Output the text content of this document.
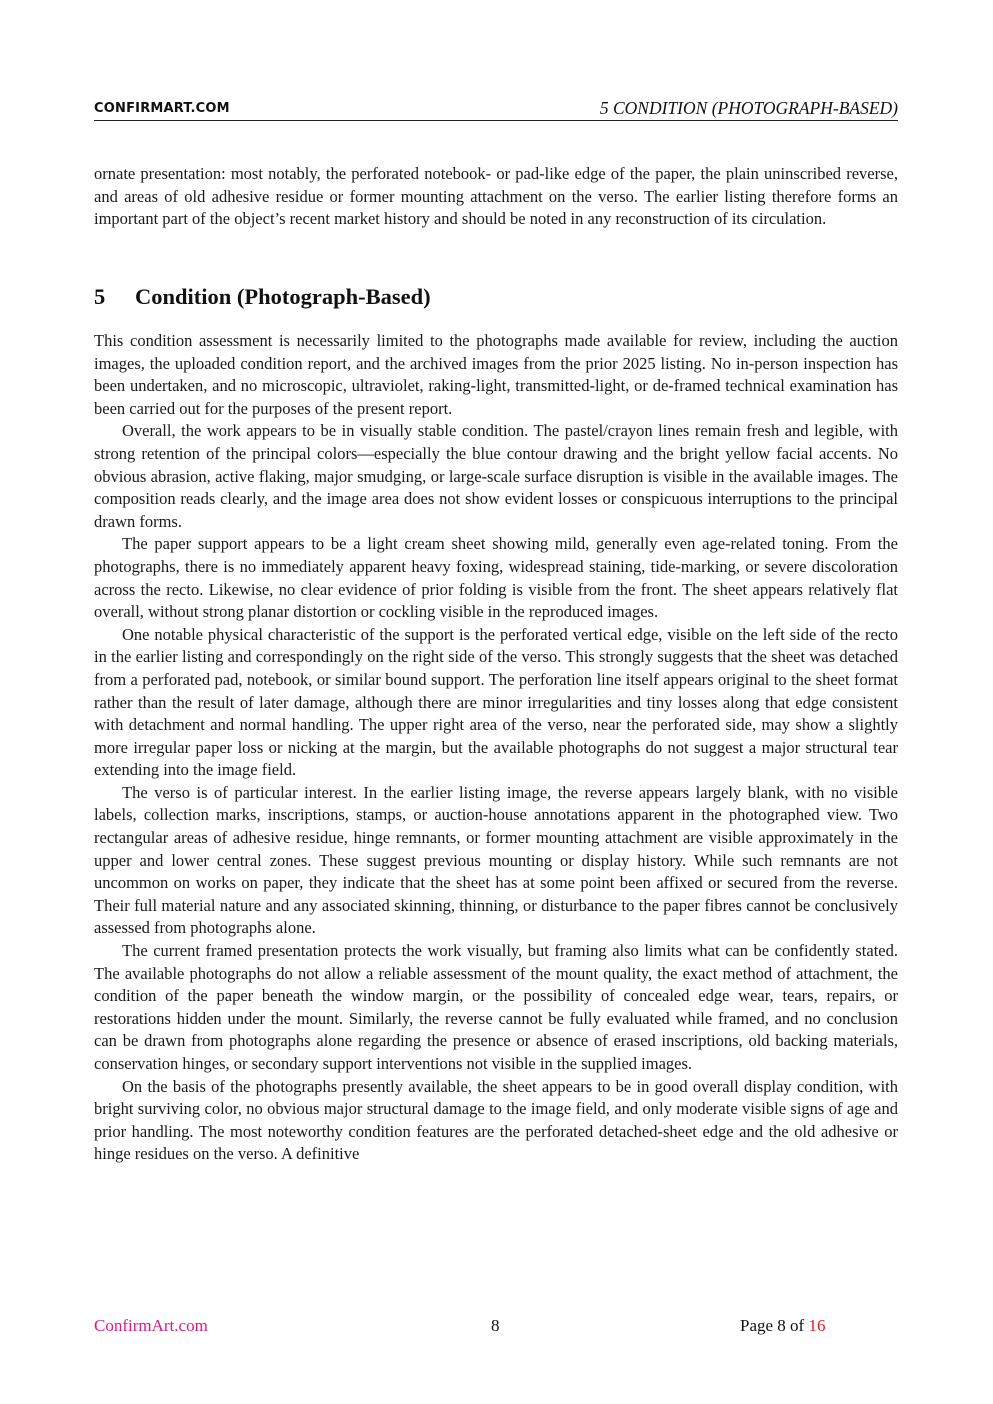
CONFIRMART.COM	5 CONDITION (PHOTOGRAPH-BASED)

ornate presentation: most notably, the perforated notebook- or pad-like edge of the paper, the plain uninscribed reverse, and areas of old adhesive residue or former mounting attachment on the verso. The earlier listing therefore forms an important part of the object’s recent market history and should be noted in any reconstruction of its circulation.

5 Condition (Photograph-Based)

This condition assessment is necessarily limited to the photographs made available for review, including the auction images, the uploaded condition report, and the archived images from the prior 2025 listing. No in-person inspection has been undertaken, and no microscopic, ultraviolet, raking-light, transmitted-light, or de-framed technical examination has been carried out for the purposes of the present report.

Overall, the work appears to be in visually stable condition. The pastel/crayon lines remain fresh and legible, with strong retention of the principal colors—especially the blue contour drawing and the bright yellow facial accents. No obvious abrasion, active flaking, major smudging, or large-scale surface disruption is visible in the available images. The composition reads clearly, and the image area does not show evident losses or conspicuous interruptions to the principal drawn forms.

The paper support appears to be a light cream sheet showing mild, generally even age-related toning. From the photographs, there is no immediately apparent heavy foxing, widespread staining, tide-marking, or severe discoloration across the recto. Likewise, no clear evidence of prior folding is visible from the front. The sheet appears relatively flat overall, without strong planar distortion or cockling visible in the reproduced images.

One notable physical characteristic of the support is the perforated vertical edge, visible on the left side of the recto in the earlier listing and correspondingly on the right side of the verso. This strongly suggests that the sheet was detached from a perforated pad, notebook, or similar bound support. The perforation line itself appears original to the sheet format rather than the result of later damage, although there are minor irregularities and tiny losses along that edge consistent with detachment and normal handling. The upper right area of the verso, near the perforated side, may show a slightly more irregular paper loss or nicking at the margin, but the available photographs do not suggest a major structural tear extending into the image field.

The verso is of particular interest. In the earlier listing image, the reverse appears largely blank, with no visible labels, collection marks, inscriptions, stamps, or auction-house annotations apparent in the photographed view. Two rectangular areas of adhesive residue, hinge remnants, or former mounting attachment are visible approximately in the upper and lower central zones. These suggest previous mounting or display history. While such remnants are not uncommon on works on paper, they indicate that the sheet has at some point been affixed or secured from the reverse. Their full material nature and any associated skinning, thinning, or disturbance to the paper fibres cannot be conclusively assessed from photographs alone.

The current framed presentation protects the work visually, but framing also limits what can be confidently stated. The available photographs do not allow a reliable assessment of the mount quality, the exact method of attachment, the condition of the paper beneath the window margin, or the possibility of concealed edge wear, tears, repairs, or restorations hidden under the mount. Similarly, the reverse cannot be fully evaluated while framed, and no conclusion can be drawn from photographs alone regarding the presence or absence of erased inscriptions, old backing materials, conservation hinges, or secondary support interventions not visible in the supplied images.

On the basis of the photographs presently available, the sheet appears to be in good overall display condition, with bright surviving color, no obvious major structural damage to the image field, and only moderate visible signs of age and prior handling. The most noteworthy condition features are the perforated detached-sheet edge and the old adhesive or hinge residues on the verso. A definitive

ConfirmArt.com	8	Page 8 of 16
